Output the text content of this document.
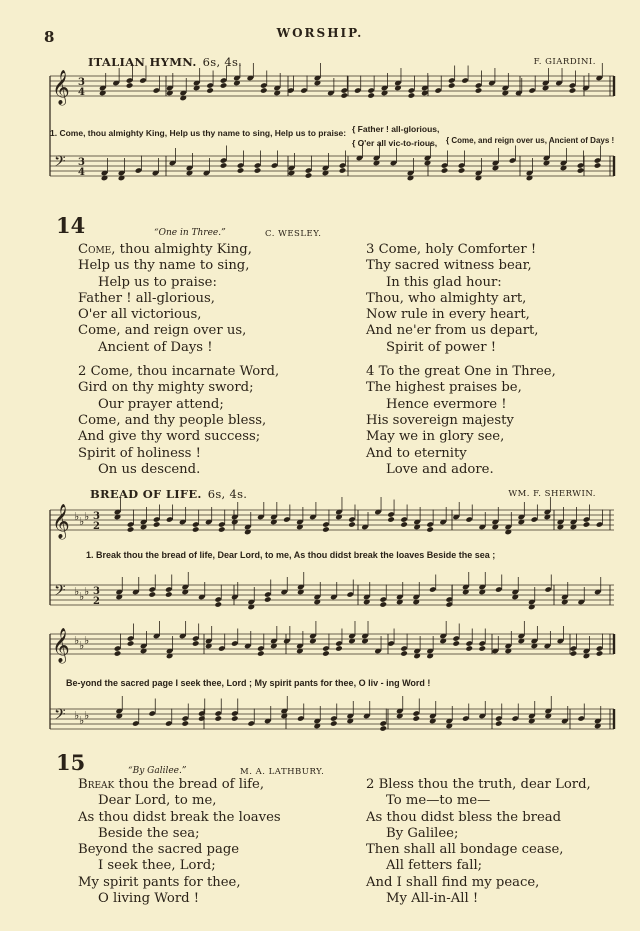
8	WORSHIP.
ITALIAN HYMN. 6s, 4s.	F. GIARDINI.
𝄞
𝄢
3
4
3
4
1. Come, thou almighty King, Help us thy name to sing, Help us to praise: { Father ! all-glorious,
{ O'er all vic-to-rious, { Come, and reign over us, Ancient of Days !
14	“One in Three.”	C. WESLEY.
Come, thou almighty King,
Help us thy name to sing,
Help us to praise:
Father ! all-glorious,
O'er all victorious,
Come, and reign over us,
Ancient of Days !
2 Come, thou incarnate Word,
Gird on thy mighty sword;
Our prayer attend;
Come, and thy people bless,
And give thy word success;
Spirit of holiness !
On us descend.
3 Come, holy Comforter !
Thy sacred witness bear,
In this glad hour:
Thou, who almighty art,
Now rule in every heart,
And ne'er from us depart,
Spirit of power !
4 To the great One in Three,
The highest praises be,
Hence evermore !
His sovereign majesty
May we in glory see,
And to eternity
Love and adore.
BREAD OF LIFE. 6s, 4s.	WM. F. SHERWIN.
𝄞
𝄢
♭
♭
♭
♭
♭
♭
3
2
3
2
1. Break thou the bread of life, Dear Lord, to me, As thou didst break the loaves Beside the sea ;
𝄞
𝄢
♭
♭
♭
♭
♭
♭
Be-yond the sacred page I seek thee, Lord ; My spirit pants for thee, O liv - ing Word !
15	“By Galilee.”	M. A. LATHBURY.
Break thou the bread of life,
Dear Lord, to me,
As thou didst break the loaves
Beside the sea;
Beyond the sacred page
I seek thee, Lord;
My spirit pants for thee,
O living Word !
2 Bless thou the truth, dear Lord,
To me—to me—
As thou didst bless the bread
By Galilee;
Then shall all bondage cease,
All fetters fall;
And I shall find my peace,
My All-in-All !
